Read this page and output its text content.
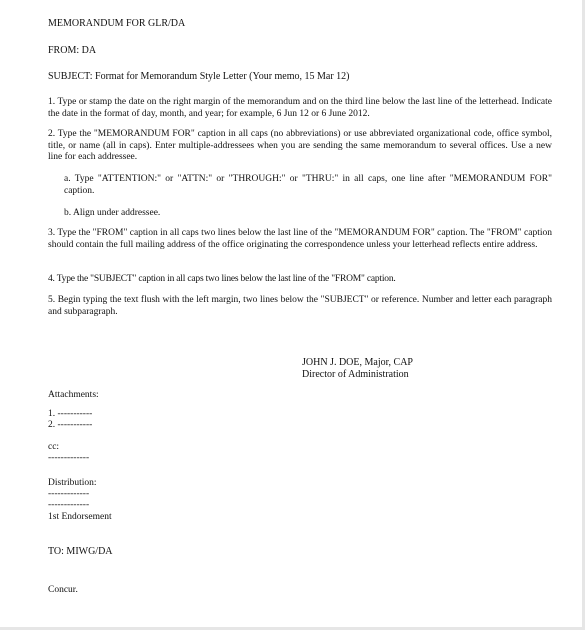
MEMORANDUM FOR GLR/DA
FROM: DA
SUBJECT: Format for Memorandum Style Letter (Your memo, 15 Mar 12)
1. Type or stamp the date on the right margin of the memorandum and on the third line below the last line of the letterhead. Indicate the date in the format of day, month, and year; for example, 6 Jun 12 or 6 June 2012.
2. Type the "MEMORANDUM FOR" caption in all caps (no abbreviations) or use abbreviated organizational code, office symbol, title, or name (all in caps). Enter multiple-addressees when you are sending the same memorandum to several offices. Use a new line for each addressee.
a. Type "ATTENTION:" or "ATTN:" or "THROUGH:" or "THRU:" in all caps, one line after "MEMORANDUM FOR" caption.
b. Align under addressee.
3. Type the "FROM" caption in all caps two lines below the last line of the "MEMORANDUM FOR" caption. The "FROM" caption should contain the full mailing address of the office originating the correspondence unless your letterhead reflects entire address.
4. Type the "SUBJECT" caption in all caps two lines below the last line of the "FROM" caption.
5. Begin typing the text flush with the left margin, two lines below the "SUBJECT" or reference. Number and letter each paragraph and subparagraph.
JOHN J. DOE, Major, CAP
Director of Administration
Attachments:
1. -----------
2. -----------
cc:
-------------
Distribution:
-------------
-------------
1st Endorsement
TO: MIWG/DA
Concur.
